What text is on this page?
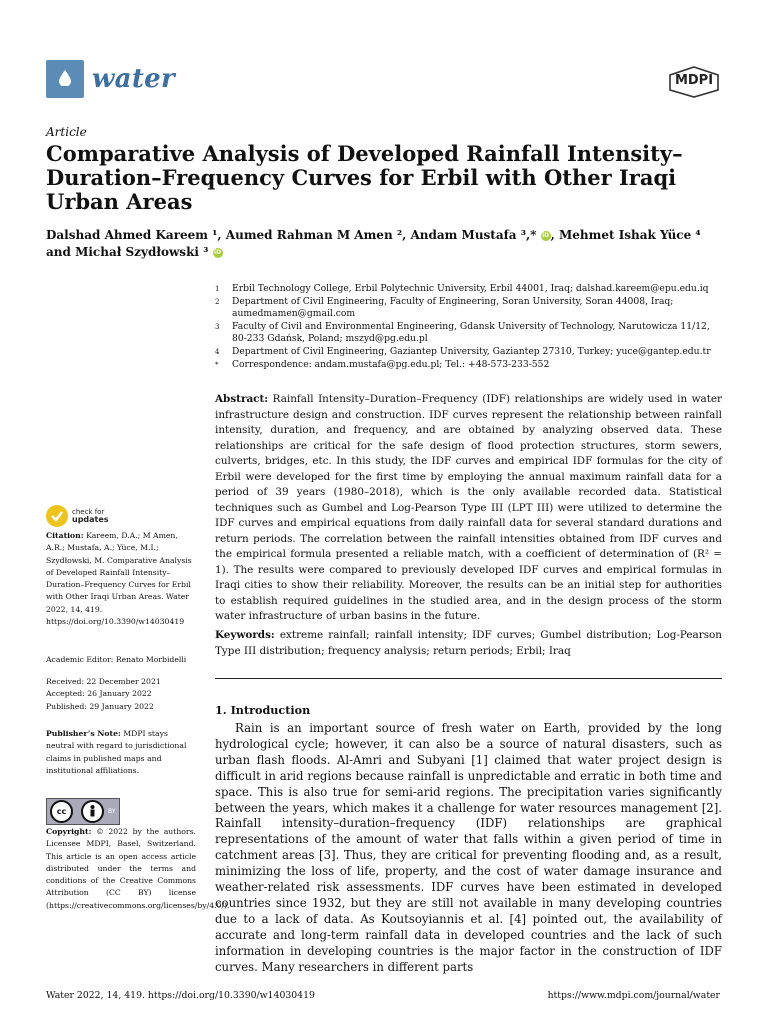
water	MDPI
Article
Comparative Analysis of Developed Rainfall Intensity–Duration–Frequency Curves for Erbil with Other Iraqi Urban Areas
Dalshad Ahmed Kareem ¹, Aumed Rahman M Amen ², Andam Mustafa ³,* iD, Mehmet Ishak Yüce ⁴
and Michał Szydłowski ³ iD
1	Erbil Technology College, Erbil Polytechnic University, Erbil 44001, Iraq; dalshad.kareem@epu.edu.iq
2	Department of Civil Engineering, Faculty of Engineering, Soran University, Soran 44008, Iraq; aumedmamen@gmail.com
3	Faculty of Civil and Environmental Engineering, Gdansk University of Technology, Narutowicza 11/12, 80-233 Gdańsk, Poland; mszyd@pg.edu.pl
4	Department of Civil Engineering, Gaziantep University, Gaziantep 27310, Turkey; yuce@gantep.edu.tr
*	Correspondence: andam.mustafa@pg.edu.pl; Tel.: +48-573-233-552
Abstract: Rainfall Intensity–Duration–Frequency (IDF) relationships are widely used in water infrastructure design and construction. IDF curves represent the relationship between rainfall intensity, duration, and frequency, and are obtained by analyzing observed data. These relationships are critical for the safe design of flood protection structures, storm sewers, culverts, bridges, etc. In this study, the IDF curves and empirical IDF formulas for the city of Erbil were developed for the first time by employing the annual maximum rainfall data for a period of 39 years (1980–2018), which is the only available recorded data. Statistical techniques such as Gumbel and Log-Pearson Type III (LPT III) were utilized to determine the IDF curves and empirical equations from daily rainfall data for several standard durations and return periods. The correlation between the rainfall intensities obtained from IDF curves and the empirical formula presented a reliable match, with a coefficient of determination of (R² = 1). The results were compared to previously developed IDF curves and empirical formulas in Iraqi cities to show their reliability. Moreover, the results can be an initial step for authorities to establish required guidelines in the studied area, and in the design process of the storm water infrastructure of urban basins in the future.
Keywords: extreme rainfall; rainfall intensity; IDF curves; Gumbel distribution; Log-Pearson Type III distribution; frequency analysis; return periods; Erbil; Iraq
1. Introduction
Rain is an important source of fresh water on Earth, provided by the long hydrological cycle; however, it can also be a source of natural disasters, such as urban flash floods. Al-Amri and Subyani [1] claimed that water project design is difficult in arid regions because rainfall is unpredictable and erratic in both time and space. This is also true for semi-arid regions. The precipitation varies significantly between the years, which makes it a challenge for water resources management [2]. Rainfall intensity–duration–frequency (IDF) relationships are graphical representations of the amount of water that falls within a given period of time in catchment areas [3]. Thus, they are critical for preventing flooding and, as a result, minimizing the loss of life, property, and the cost of water damage insurance and weather-related risk assessments. IDF curves have been estimated in developed countries since 1932, but they are still not available in many developing countries due to a lack of data. As Koutsoyiannis et al. [4] pointed out, the availability of accurate and long-term rainfall data in developed countries and the lack of such information in developing countries is the major factor in the construction of IDF curves. Many researchers in different parts
check for
updates
Citation: Kareem, D.A.; M Amen, A.R.; Mustafa, A.; Yüce, M.I.; Szydłowski, M. Comparative Analysis of Developed Rainfall Intensity–Duration–Frequency Curves for Erbil with Other Iraqi Urban Areas. Water 2022, 14, 419. https://doi.org/10.3390/w14030419
Academic Editor: Renato Morbidelli
Received: 22 December 2021
Accepted: 26 January 2022
Published: 29 January 2022
Publisher’s Note: MDPI stays neutral with regard to jurisdictional claims in published maps and institutional affiliations.
cc	BY
Copyright: © 2022 by the authors. Licensee MDPI, Basel, Switzerland. This article is an open access article distributed under the terms and conditions of the Creative Commons Attribution (CC BY) license (https://creativecommons.org/licenses/by/4.0/).
Water 2022, 14, 419. https://doi.org/10.3390/w14030419	https://www.mdpi.com/journal/water
